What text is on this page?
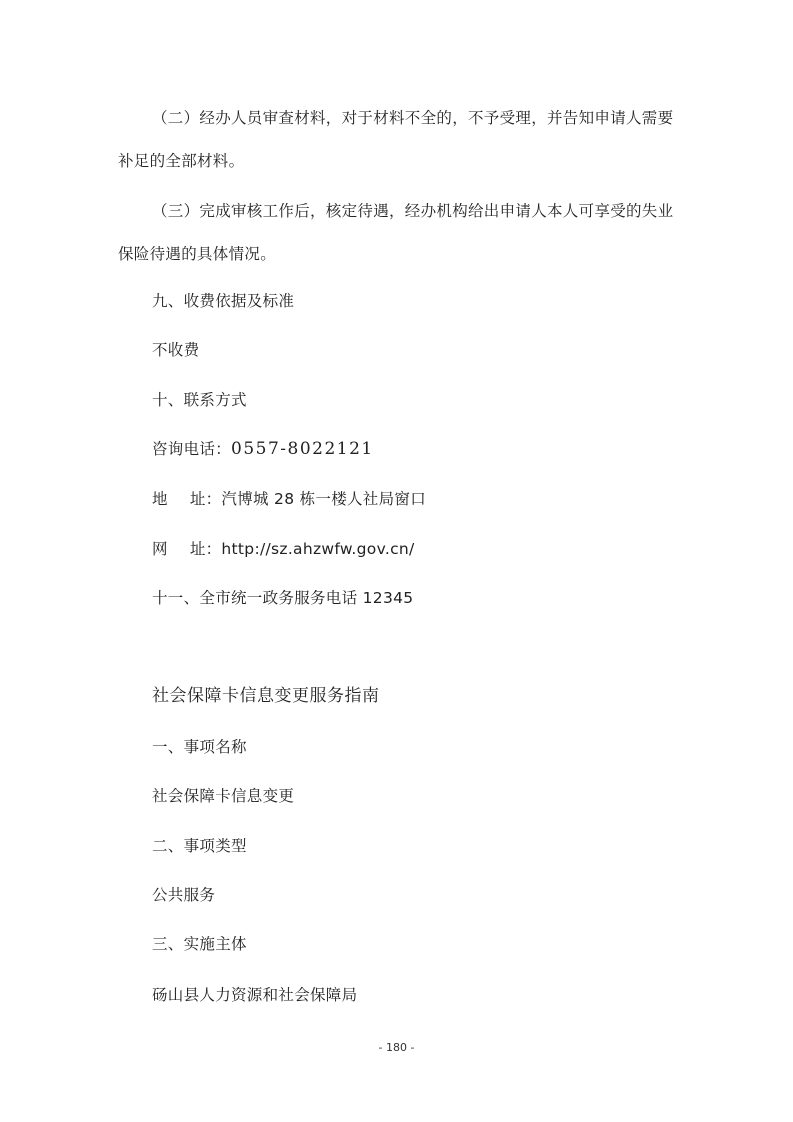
（二）经办人员审查材料，对于材料不全的，不予受理，并告知申请人需要
补足的全部材料。
（三）完成审核工作后，核定待遇，经办机构给出申请人本人可享受的失业
保险待遇的具体情况。
九、收费依据及标准
不收费
十、联系方式
咨询电话：0557-8022121
地 址：汽博城 28 栋一楼人社局窗口
网 址：http://sz.ahzwfw.gov.cn/
十一、全市统一政务服务电话 12345
社会保障卡信息变更服务指南
一、事项名称
社会保障卡信息变更
二、事项类型
公共服务
三、实施主体
砀山县人力资源和社会保障局
- 180 -
